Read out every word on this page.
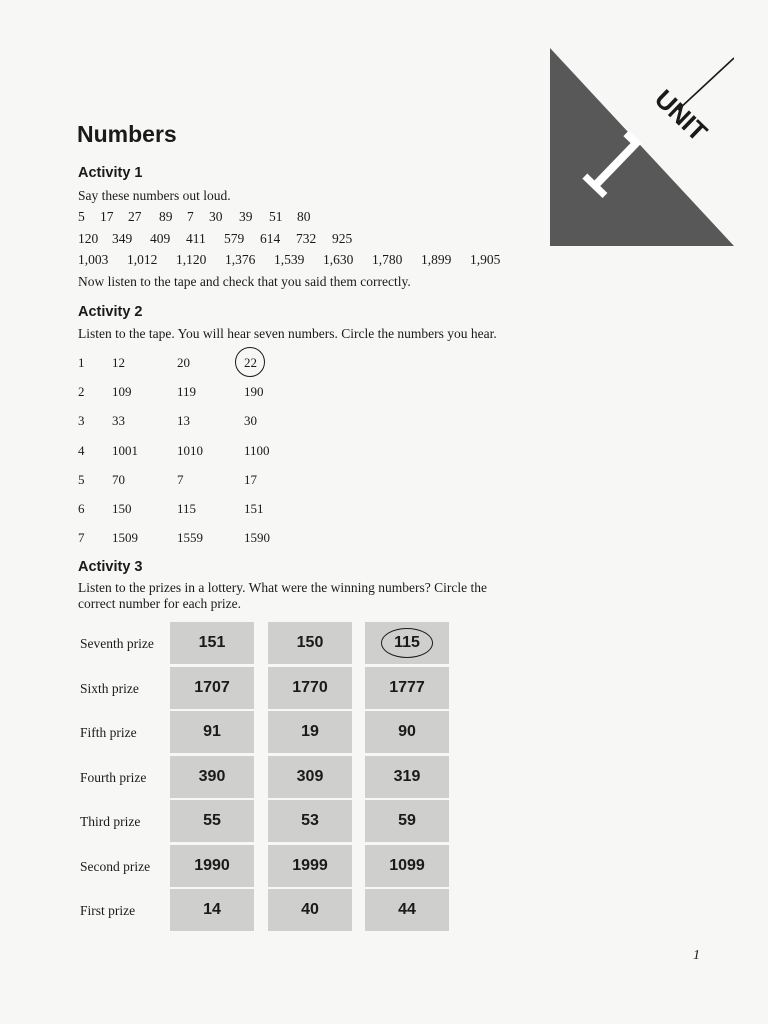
UNIT
Numbers
Activity 1
Say these numbers out loud.
5 17 27 89 7 30 39 51 80
120 349 409 411 579 614 732 925
1,003 1,012 1,120 1,376 1,539 1,630 1,780 1,899 1,905
Now listen to the tape and check that you said them correctly.
Activity 2
Listen to the tape. You will hear seven numbers. Circle the numbers you hear.
1 12	20	22
2 109	119	190
3 33	13	30
4 1001	1010	1100
5 70	7	17
6 150	115	151
7 1509	1559	1590
Activity 3
Listen to the prizes in a lottery. What were the winning numbers? Circle the
correct number for each prize.
Seventh prize	151	150	115
Sixth prize	1707	1770	1777
Fifth prize	91	19	90
Fourth prize	390	309	319
Third prize	55	53	59
Second prize	1990	1999	1099
First prize	14	40	44
1
